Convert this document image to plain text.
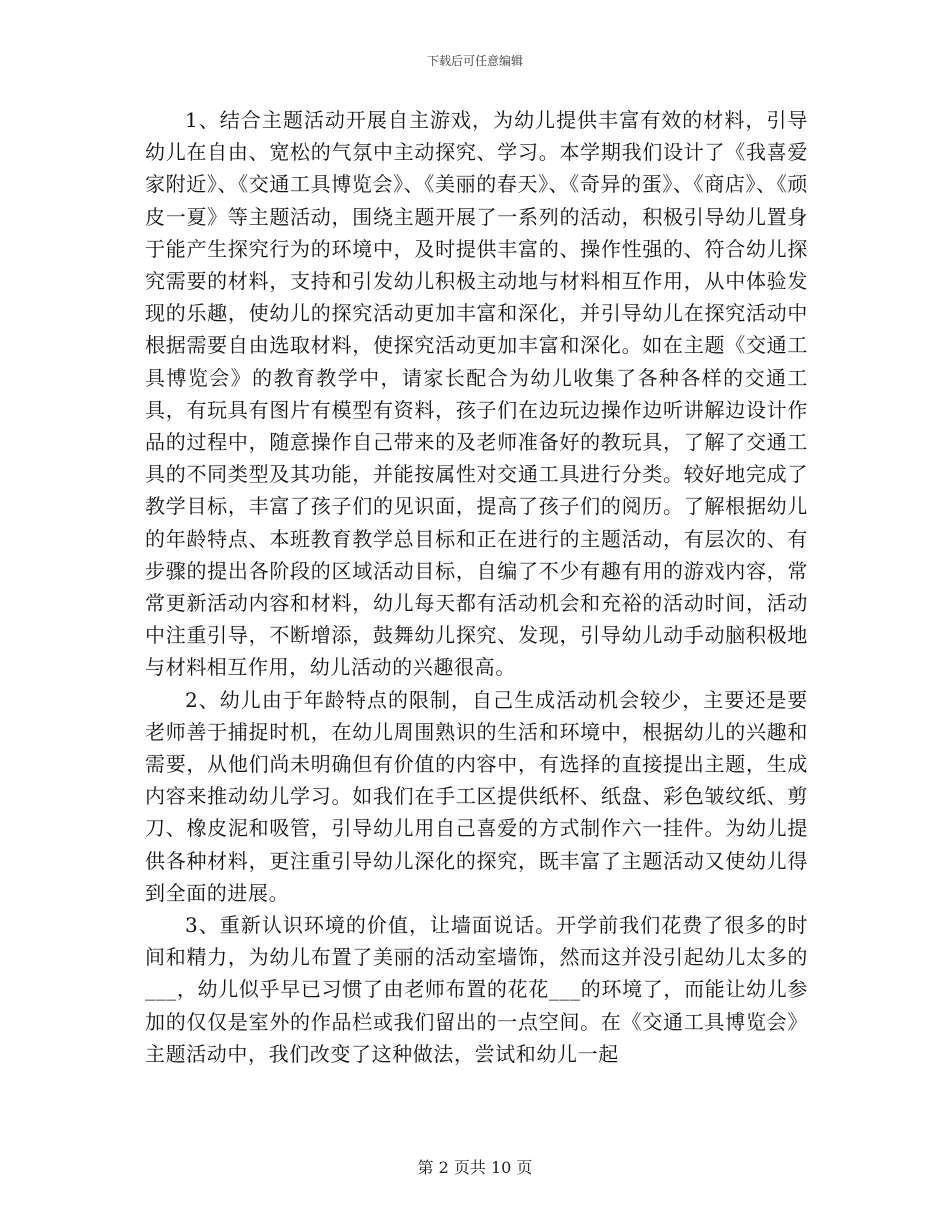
下载后可任意编辑

1、结合主题活动开展自主游戏，为幼儿提供丰富有效的材料，引导幼儿在自由、宽松的气氛中主动探究、学习。本学期我们设计了《我喜爱家附近》、《交通工具博览会》、《美丽的春天》、《奇异的蛋》、《商店》、《顽皮一夏》等主题活动，围绕主题开展了一系列的活动，积极引导幼儿置身于能产生探究行为的环境中，及时提供丰富的、操作性强的、符合幼儿探究需要的材料，支持和引发幼儿积极主动地与材料相互作用，从中体验发现的乐趣，使幼儿的探究活动更加丰富和深化，并引导幼儿在探究活动中根据需要自由选取材料，使探究活动更加丰富和深化。如在主题《交通工具博览会》的教育教学中，请家长配合为幼儿收集了各种各样的交通工具，有玩具有图片有模型有资料，孩子们在边玩边操作边听讲解边设计作品的过程中，随意操作自己带来的及老师准备好的教玩具，了解了交通工具的不同类型及其功能，并能按属性对交通工具进行分类。较好地完成了教学目标，丰富了孩子们的见识面，提高了孩子们的阅历。了解根据幼儿的年龄特点、本班教育教学总目标和正在进行的主题活动，有层次的、有步骤的提出各阶段的区域活动目标，自编了不少有趣有用的游戏内容，常常更新活动内容和材料，幼儿每天都有活动机会和充裕的活动时间，活动中注重引导，不断增添，鼓舞幼儿探究、发现，引导幼儿动手动脑积极地与材料相互作用，幼儿活动的兴趣很高。

2、幼儿由于年龄特点的限制，自己生成活动机会较少，主要还是要老师善于捕捉时机，在幼儿周围熟识的生活和环境中，根据幼儿的兴趣和需要，从他们尚未明确但有价值的内容中，有选择的直接提出主题，生成内容来推动幼儿学习。如我们在手工区提供纸杯、纸盘、彩色皱纹纸、剪刀、橡皮泥和吸管，引导幼儿用自己喜爱的方式制作六一挂件。为幼儿提供各种材料，更注重引导幼儿深化的探究，既丰富了主题活动又使幼儿得到全面的进展。

3、重新认识环境的价值，让墙面说话。开学前我们花费了很多的时间和精力，为幼儿布置了美丽的活动室墙饰，然而这并没引起幼儿太多的___，幼儿似乎早已习惯了由老师布置的花花___的环境了，而能让幼儿参加的仅仅是室外的作品栏或我们留出的一点空间。在《交通工具博览会》主题活动中，我们改变了这种做法，尝试和幼儿一起

第 2 页共 10 页
